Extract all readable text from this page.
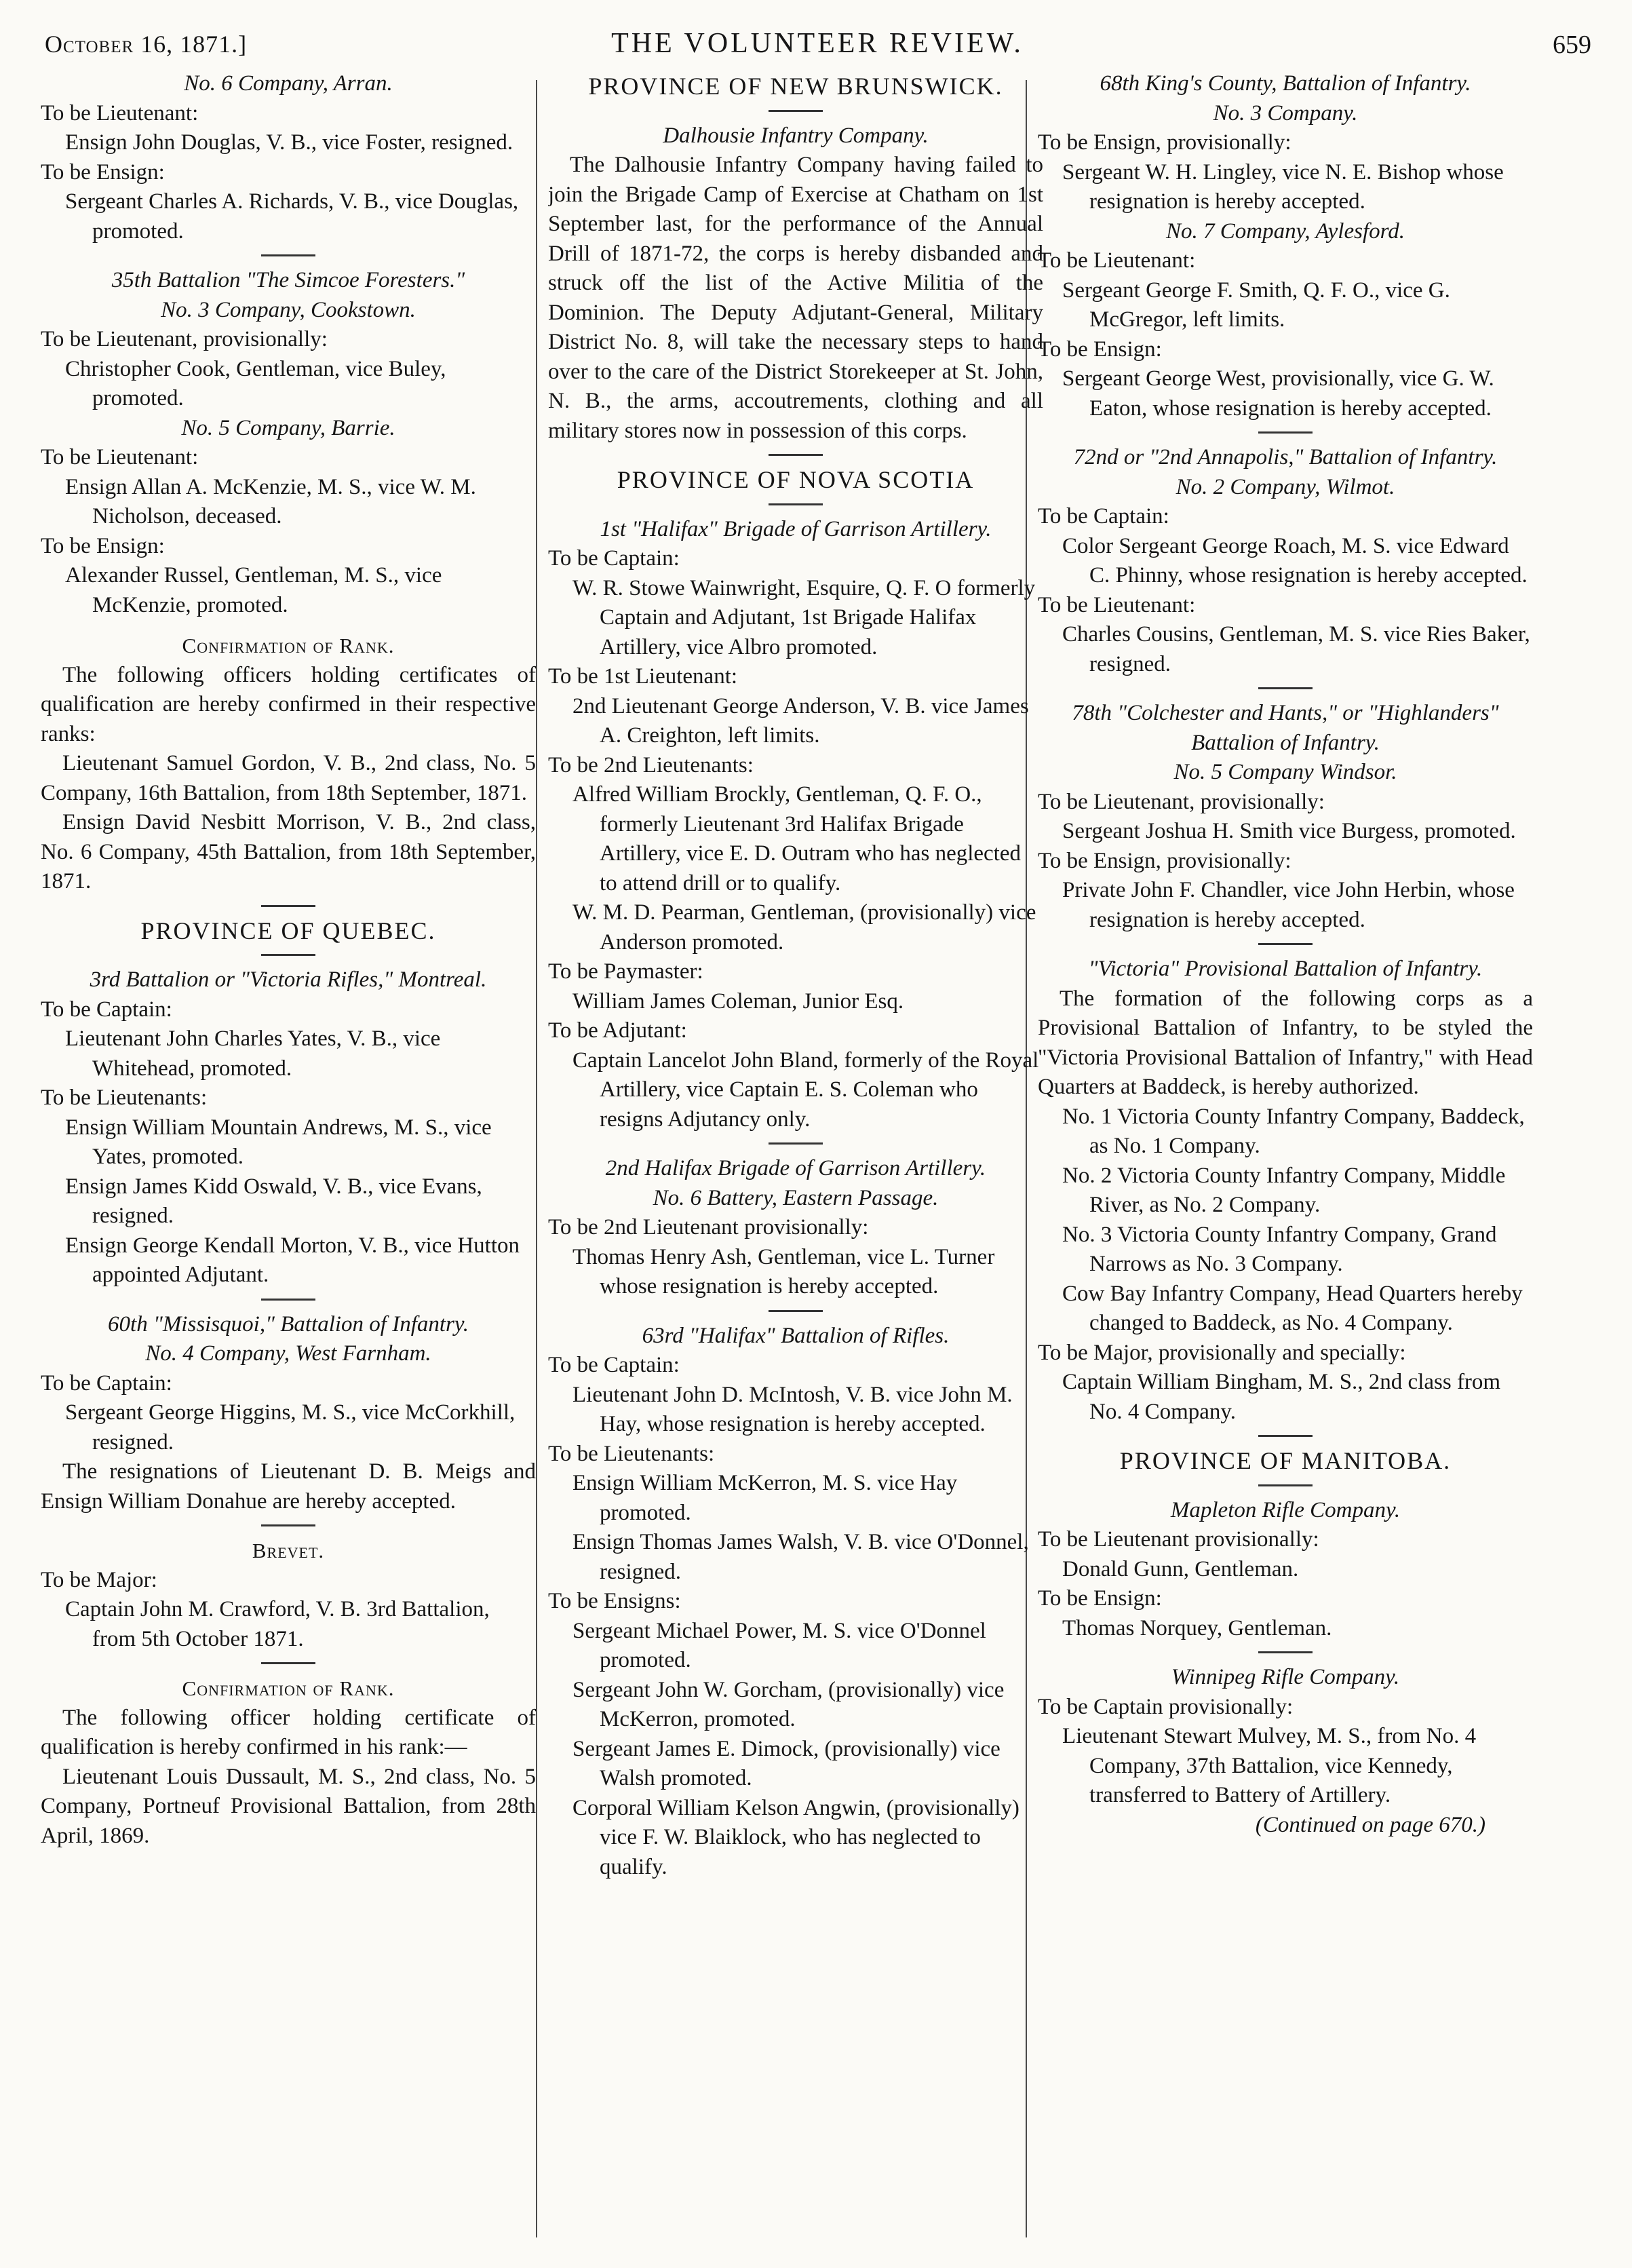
October 16, 1871.]	THE VOLUNTEER REVIEW.	659

No. 6 Company, Arran.

To be Lieutenant:

Ensign John Douglas, V. B., vice Foster, resigned.

To be Ensign:

Sergeant Charles A. Richards, V. B., vice Douglas, promoted.

35th Battalion "The Simcoe Foresters."

No. 3 Company, Cookstown.

To be Lieutenant, provisionally:

Christopher Cook, Gentleman, vice Buley, promoted.

No. 5 Company, Barrie.

To be Lieutenant:

Ensign Allan A. McKenzie, M. S., vice W. M. Nicholson, deceased.

To be Ensign:

Alexander Russel, Gentleman, M. S., vice McKenzie, promoted.

Confirmation of Rank.

The following officers holding certificates of qualification are hereby confirmed in their respective ranks:

Lieutenant Samuel Gordon, V. B., 2nd class, No. 5 Company, 16th Battalion, from 18th September, 1871.

Ensign David Nesbitt Morrison, V. B., 2nd class, No. 6 Company, 45th Battalion, from 18th September, 1871.

PROVINCE OF QUEBEC.

3rd Battalion or "Victoria Rifles," Montreal.

To be Captain:

Lieutenant John Charles Yates, V. B., vice Whitehead, promoted.

To be Lieutenants:

Ensign William Mountain Andrews, M. S., vice Yates, promoted.

Ensign James Kidd Oswald, V. B., vice Evans, resigned.

Ensign George Kendall Morton, V. B., vice Hutton appointed Adjutant.

60th "Missisquoi," Battalion of Infantry.

No. 4 Company, West Farnham.

To be Captain:

Sergeant George Higgins, M. S., vice McCorkhill, resigned.

The resignations of Lieutenant D. B. Meigs and Ensign William Donahue are hereby accepted.

Brevet.

To be Major:

Captain John M. Crawford, V. B. 3rd Battalion, from 5th October 1871.

Confirmation of Rank.

The following officer holding certificate of qualification is hereby confirmed in his rank:—

Lieutenant Louis Dussault, M. S., 2nd class, No. 5 Company, Portneuf Provisional Battalion, from 28th April, 1869.

PROVINCE OF NEW BRUNSWICK.

Dalhousie Infantry Company.

The Dalhousie Infantry Company having failed to join the Brigade Camp of Exercise at Chatham on 1st September last, for the performance of the Annual Drill of 1871-72, the corps is hereby disbanded and struck off the list of the Active Militia of the Dominion. The Deputy Adjutant-General, Military District No. 8, will take the necessary steps to hand over to the care of the District Storekeeper at St. John, N. B., the arms, accoutrements, clothing and all military stores now in possession of this corps.

PROVINCE OF NOVA SCOTIA

1st "Halifax" Brigade of Garrison Artillery.

To be Captain:

W. R. Stowe Wainwright, Esquire, Q. F. O formerly Captain and Adjutant, 1st Brigade Halifax Artillery, vice Albro promoted.

To be 1st Lieutenant:

2nd Lieutenant George Anderson, V. B. vice James A. Creighton, left limits.

To be 2nd Lieutenants:

Alfred William Brockly, Gentleman, Q. F. O., formerly Lieutenant 3rd Halifax Brigade Artillery, vice E. D. Outram who has neglected to attend drill or to qualify.

W. M. D. Pearman, Gentleman, (provisionally) vice Anderson promoted.

To be Paymaster:

William James Coleman, Junior Esq.

To be Adjutant:

Captain Lancelot John Bland, formerly of the Royal Artillery, vice Captain E. S. Coleman who resigns Adjutancy only.

2nd Halifax Brigade of Garrison Artillery.

No. 6 Battery, Eastern Passage.

To be 2nd Lieutenant provisionally:

Thomas Henry Ash, Gentleman, vice L. Turner whose resignation is hereby accepted.

63rd "Halifax" Battalion of Rifles.

To be Captain:

Lieutenant John D. McIntosh, V. B. vice John M. Hay, whose resignation is hereby accepted.

To be Lieutenants:

Ensign William McKerron, M. S. vice Hay promoted.

Ensign Thomas James Walsh, V. B. vice O'Donnel, resigned.

To be Ensigns:

Sergeant Michael Power, M. S. vice O'Donnel promoted.

Sergeant John W. Gorcham, (provisionally) vice McKerron, promoted.

Sergeant James E. Dimock, (provisionally) vice Walsh promoted.

Corporal William Kelson Angwin, (provisionally) vice F. W. Blaiklock, who has neglected to qualify.

68th King's County, Battalion of Infantry.

No. 3 Company.

To be Ensign, provisionally:

Sergeant W. H. Lingley, vice N. E. Bishop whose resignation is hereby accepted.

No. 7 Company, Aylesford.

To be Lieutenant:

Sergeant George F. Smith, Q. F. O., vice G. McGregor, left limits.

To be Ensign:

Sergeant George West, provisionally, vice G. W. Eaton, whose resignation is hereby accepted.

72nd or "2nd Annapolis," Battalion of Infantry.

No. 2 Company, Wilmot.

To be Captain:

Color Sergeant George Roach, M. S. vice Edward C. Phinny, whose resignation is hereby accepted.

To be Lieutenant:

Charles Cousins, Gentleman, M. S. vice Ries Baker, resigned.

78th "Colchester and Hants," or "Highlanders" Battalion of Infantry.

No. 5 Company Windsor.

To be Lieutenant, provisionally:

Sergeant Joshua H. Smith vice Burgess, promoted.

To be Ensign, provisionally:

Private John F. Chandler, vice John Herbin, whose resignation is hereby accepted.

"Victoria" Provisional Battalion of Infantry.

The formation of the following corps as a Provisional Battalion of Infantry, to be styled the "Victoria Provisional Battalion of Infantry," with Head Quarters at Baddeck, is hereby authorized.

No. 1 Victoria County Infantry Company, Baddeck, as No. 1 Company.

No. 2 Victoria County Infantry Company, Middle River, as No. 2 Company.

No. 3 Victoria County Infantry Company, Grand Narrows as No. 3 Company.

Cow Bay Infantry Company, Head Quarters hereby changed to Baddeck, as No. 4 Company.

To be Major, provisionally and specially:

Captain William Bingham, M. S., 2nd class from No. 4 Company.

PROVINCE OF MANITOBA.

Mapleton Rifle Company.

To be Lieutenant provisionally:

Donald Gunn, Gentleman.

To be Ensign:

Thomas Norquey, Gentleman.

Winnipeg Rifle Company.

To be Captain provisionally:

Lieutenant Stewart Mulvey, M. S., from No. 4 Company, 37th Battalion, vice Kennedy, transferred to Battery of Artillery.

(Continued on page 670.)
